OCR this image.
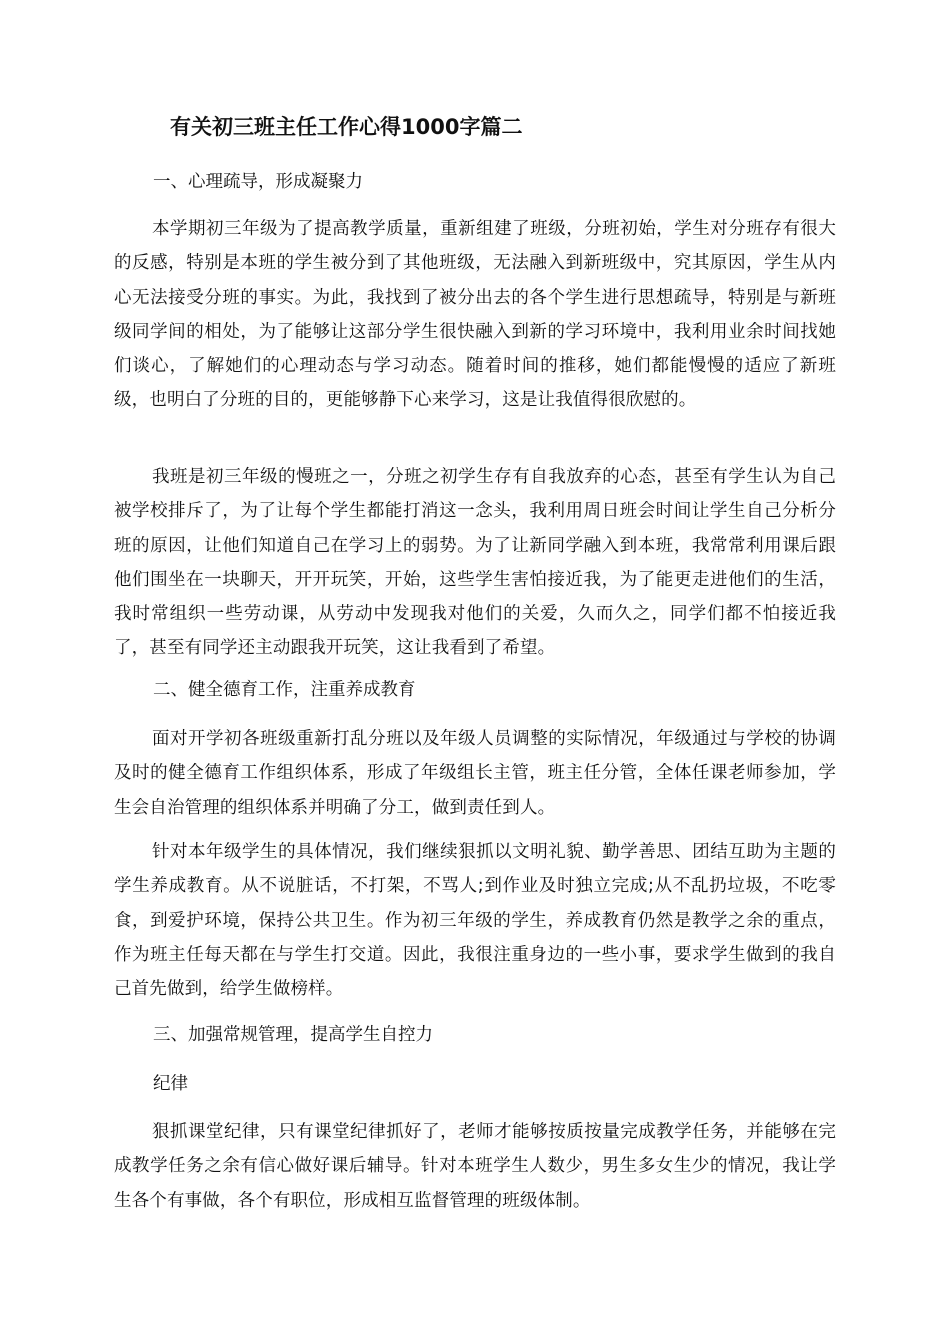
有关初三班主任工作心得1000字篇二
一、心理疏导，形成凝聚力
本学期初三年级为了提高教学质量，重新组建了班级，分班初始，学生对分班存有很大的反感，特别是本班的学生被分到了其他班级，无法融入到新班级中，究其原因，学生从内心无法接受分班的事实。为此，我找到了被分出去的各个学生进行思想疏导，特别是与新班级同学间的相处，为了能够让这部分学生很快融入到新的学习环境中，我利用业余时间找她们谈心，了解她们的心理动态与学习动态。随着时间的推移，她们都能慢慢的适应了新班级，也明白了分班的目的，更能够静下心来学习，这是让我值得很欣慰的。
我班是初三年级的慢班之一，分班之初学生存有自我放弃的心态，甚至有学生认为自己被学校排斥了，为了让每个学生都能打消这一念头，我利用周日班会时间让学生自己分析分班的原因，让他们知道自己在学习上的弱势。为了让新同学融入到本班，我常常利用课后跟他们围坐在一块聊天，开开玩笑，开始，这些学生害怕接近我，为了能更走进他们的生活，我时常组织一些劳动课，从劳动中发现我对他们的关爱，久而久之，同学们都不怕接近我了，甚至有同学还主动跟我开玩笑，这让我看到了希望。
二、健全德育工作，注重养成教育
面对开学初各班级重新打乱分班以及年级人员调整的实际情况，年级通过与学校的协调及时的健全德育工作组织体系，形成了年级组长主管，班主任分管，全体任课老师参加，学生会自治管理的组织体系并明确了分工，做到责任到人。
针对本年级学生的具体情况，我们继续狠抓以文明礼貌、勤学善思、团结互助为主题的学生养成教育。从不说脏话，不打架，不骂人;到作业及时独立完成;从不乱扔垃圾，不吃零食，到爱护环境，保持公共卫生。作为初三年级的学生，养成教育仍然是教学之余的重点，作为班主任每天都在与学生打交道。因此，我很注重身边的一些小事，要求学生做到的我自己首先做到，给学生做榜样。
三、加强常规管理，提高学生自控力
纪律
狠抓课堂纪律，只有课堂纪律抓好了，老师才能够按质按量完成教学任务，并能够在完成教学任务之余有信心做好课后辅导。针对本班学生人数少，男生多女生少的情况，我让学生各个有事做，各个有职位，形成相互监督管理的班级体制。
